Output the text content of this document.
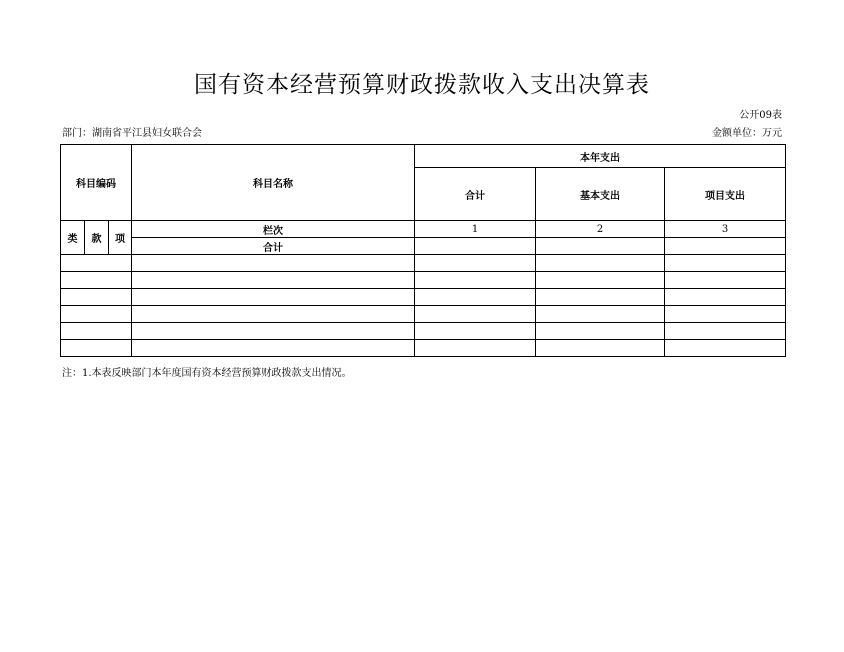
国有资本经营预算财政拨款收入支出决算表
公开09表
部门：湖南省平江县妇女联合会	金额单位：万元
科目编码			科目名称	本年支出		
				合计	基本支出	项目支出
类	款	项	栏次	1	2	3
			合计			

注：1.本表反映部门本年度国有资本经营预算财政拨款支出情况。
